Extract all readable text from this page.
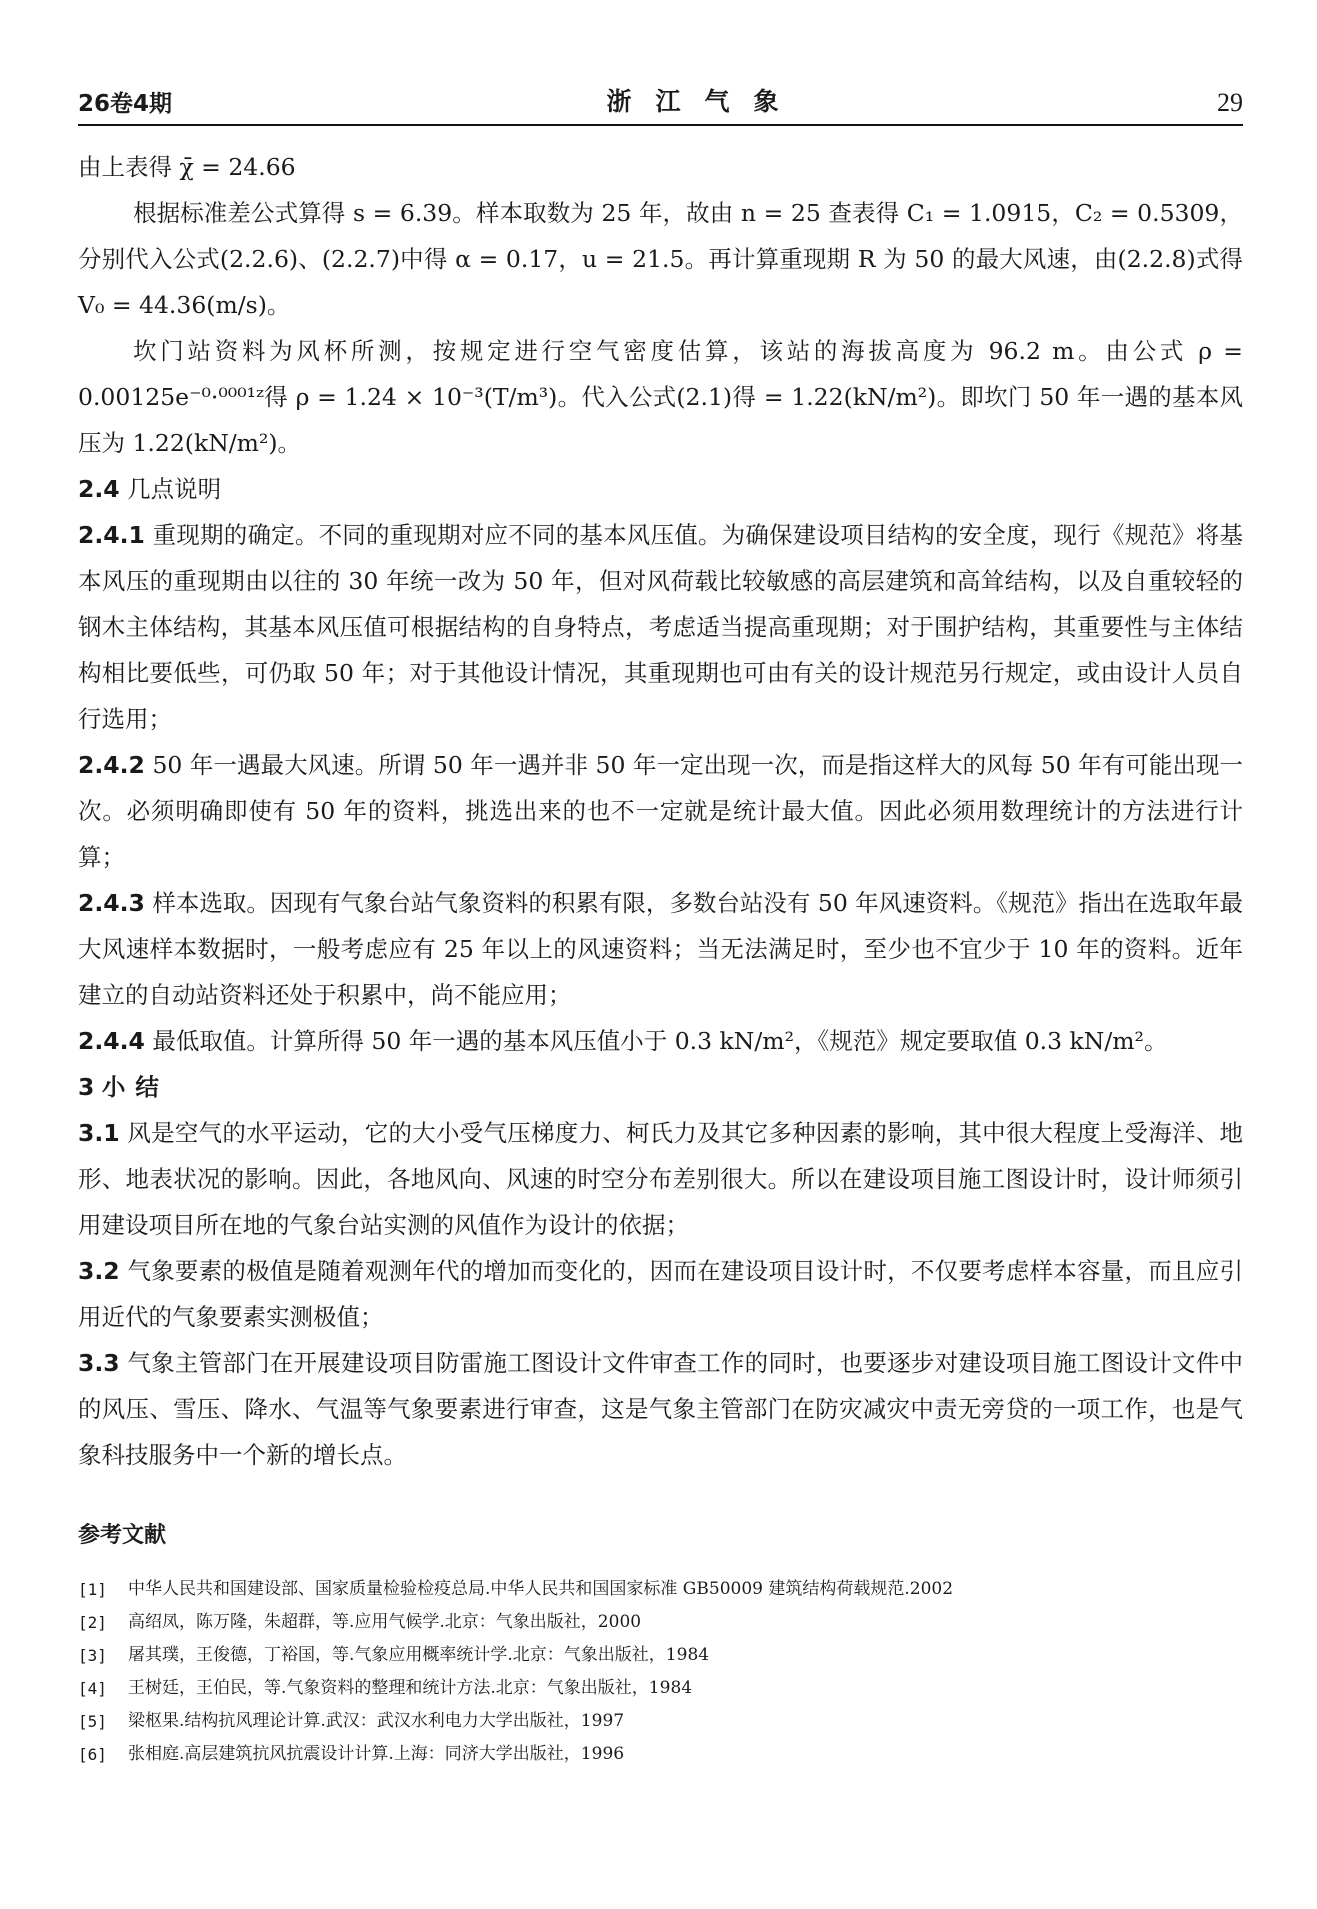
26卷4期	浙江气象	29

由上表得 χ̄ = 24.66

根据标准差公式算得 s = 6.39。样本取数为 25 年，故由 n = 25 查表得 C₁ = 1.0915，C₂ = 0.5309，分别代入公式(2.2.6)、(2.2.7)中得 α = 0.17，u = 21.5。再计算重现期 R 为 50 的最大风速，由(2.2.8)式得 V₀ = 44.36(m/s)。

坎门站资料为风杯所测，按规定进行空气密度估算，该站的海拔高度为 96.2 m。由公式 ρ = 0.00125e⁻⁰·⁰⁰⁰¹ᶻ得 ρ = 1.24 × 10⁻³(T/m³)。代入公式(2.1)得 = 1.22(kN/m²)。即坎门 50 年一遇的基本风压为 1.22(kN/m²)。

2.4 几点说明

2.4.1 重现期的确定。不同的重现期对应不同的基本风压值。为确保建设项目结构的安全度，现行《规范》将基本风压的重现期由以往的 30 年统一改为 50 年，但对风荷载比较敏感的高层建筑和高耸结构，以及自重较轻的钢木主体结构，其基本风压值可根据结构的自身特点，考虑适当提高重现期；对于围护结构，其重要性与主体结构相比要低些，可仍取 50 年；对于其他设计情况，其重现期也可由有关的设计规范另行规定，或由设计人员自行选用；

2.4.2 50 年一遇最大风速。所谓 50 年一遇并非 50 年一定出现一次，而是指这样大的风每 50 年有可能出现一次。必须明确即使有 50 年的资料，挑选出来的也不一定就是统计最大值。因此必须用数理统计的方法进行计算；

2.4.3 样本选取。因现有气象台站气象资料的积累有限，多数台站没有 50 年风速资料。《规范》指出在选取年最大风速样本数据时，一般考虑应有 25 年以上的风速资料；当无法满足时，至少也不宜少于 10 年的资料。近年建立的自动站资料还处于积累中，尚不能应用；

2.4.4 最低取值。计算所得 50 年一遇的基本风压值小于 0.3 kN/m²，《规范》规定要取值 0.3 kN/m²。

3 小结

3.1 风是空气的水平运动，它的大小受气压梯度力、柯氏力及其它多种因素的影响，其中很大程度上受海洋、地形、地表状况的影响。因此，各地风向、风速的时空分布差别很大。所以在建设项目施工图设计时，设计师须引用建设项目所在地的气象台站实测的风值作为设计的依据；

3.2 气象要素的极值是随着观测年代的增加而变化的，因而在建设项目设计时，不仅要考虑样本容量，而且应引用近代的气象要素实测极值；

3.3 气象主管部门在开展建设项目防雷施工图设计文件审查工作的同时，也要逐步对建设项目施工图设计文件中的风压、雪压、降水、气温等气象要素进行审查，这是气象主管部门在防灾减灾中责无旁贷的一项工作，也是气象科技服务中一个新的增长点。

参考文献
[1]	中华人民共和国建设部、国家质量检验检疫总局.中华人民共和国国家标准 GB50009 建筑结构荷载规范.2002
[2]	高绍凤，陈万隆，朱超群，等.应用气候学.北京：气象出版社，2000
[3]	屠其璞，王俊德，丁裕国，等.气象应用概率统计学.北京：气象出版社，1984
[4]	王树廷，王伯民，等.气象资料的整理和统计方法.北京：气象出版社，1984
[5]	梁枢果.结构抗风理论计算.武汉：武汉水利电力大学出版社，1997
[6]	张相庭.高层建筑抗风抗震设计计算.上海：同济大学出版社，1996
